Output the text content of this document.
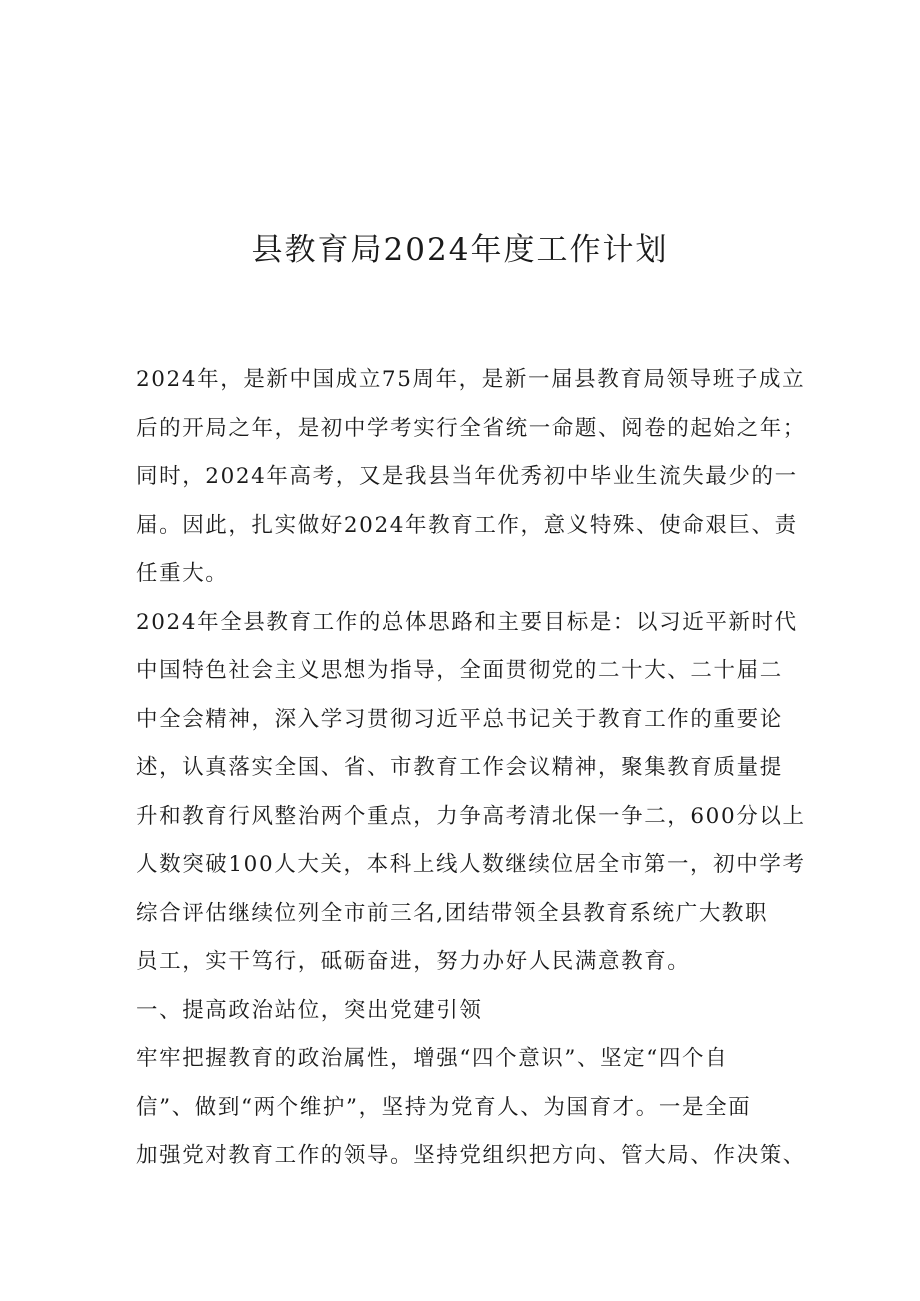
县教育局2024年度工作计划
2024年，是新中国成立75周年，是新一届县教育局领导班子成立
后的开局之年，是初中学考实行全省统一命题、阅卷的起始之年；
同时，2024年高考，又是我县当年优秀初中毕业生流失最少的一
届。因此，扎实做好2024年教育工作，意义特殊、使命艰巨、责
任重大。
2024年全县教育工作的总体思路和主要目标是：以习近平新时代
中国特色社会主义思想为指导，全面贯彻党的二十大、二十届二
中全会精神，深入学习贯彻习近平总书记关于教育工作的重要论
述，认真落实全国、省、市教育工作会议精神，聚集教育质量提
升和教育行风整治两个重点，力争高考清北保一争二，600分以上
人数突破100人大关，本科上线人数继续位居全市第一，初中学考
综合评估继续位列全市前三名,团结带领全县教育系统广大教职
员工，实干笃行，砥砺奋进，努力办好人民满意教育。
一、提高政治站位，突出党建引领
牢牢把握教育的政治属性，增强“四个意识”、坚定“四个自
信”、做到“两个维护”，坚持为党育人、为国育才。一是全面
加强党对教育工作的领导。坚持党组织把方向、管大局、作决策、
